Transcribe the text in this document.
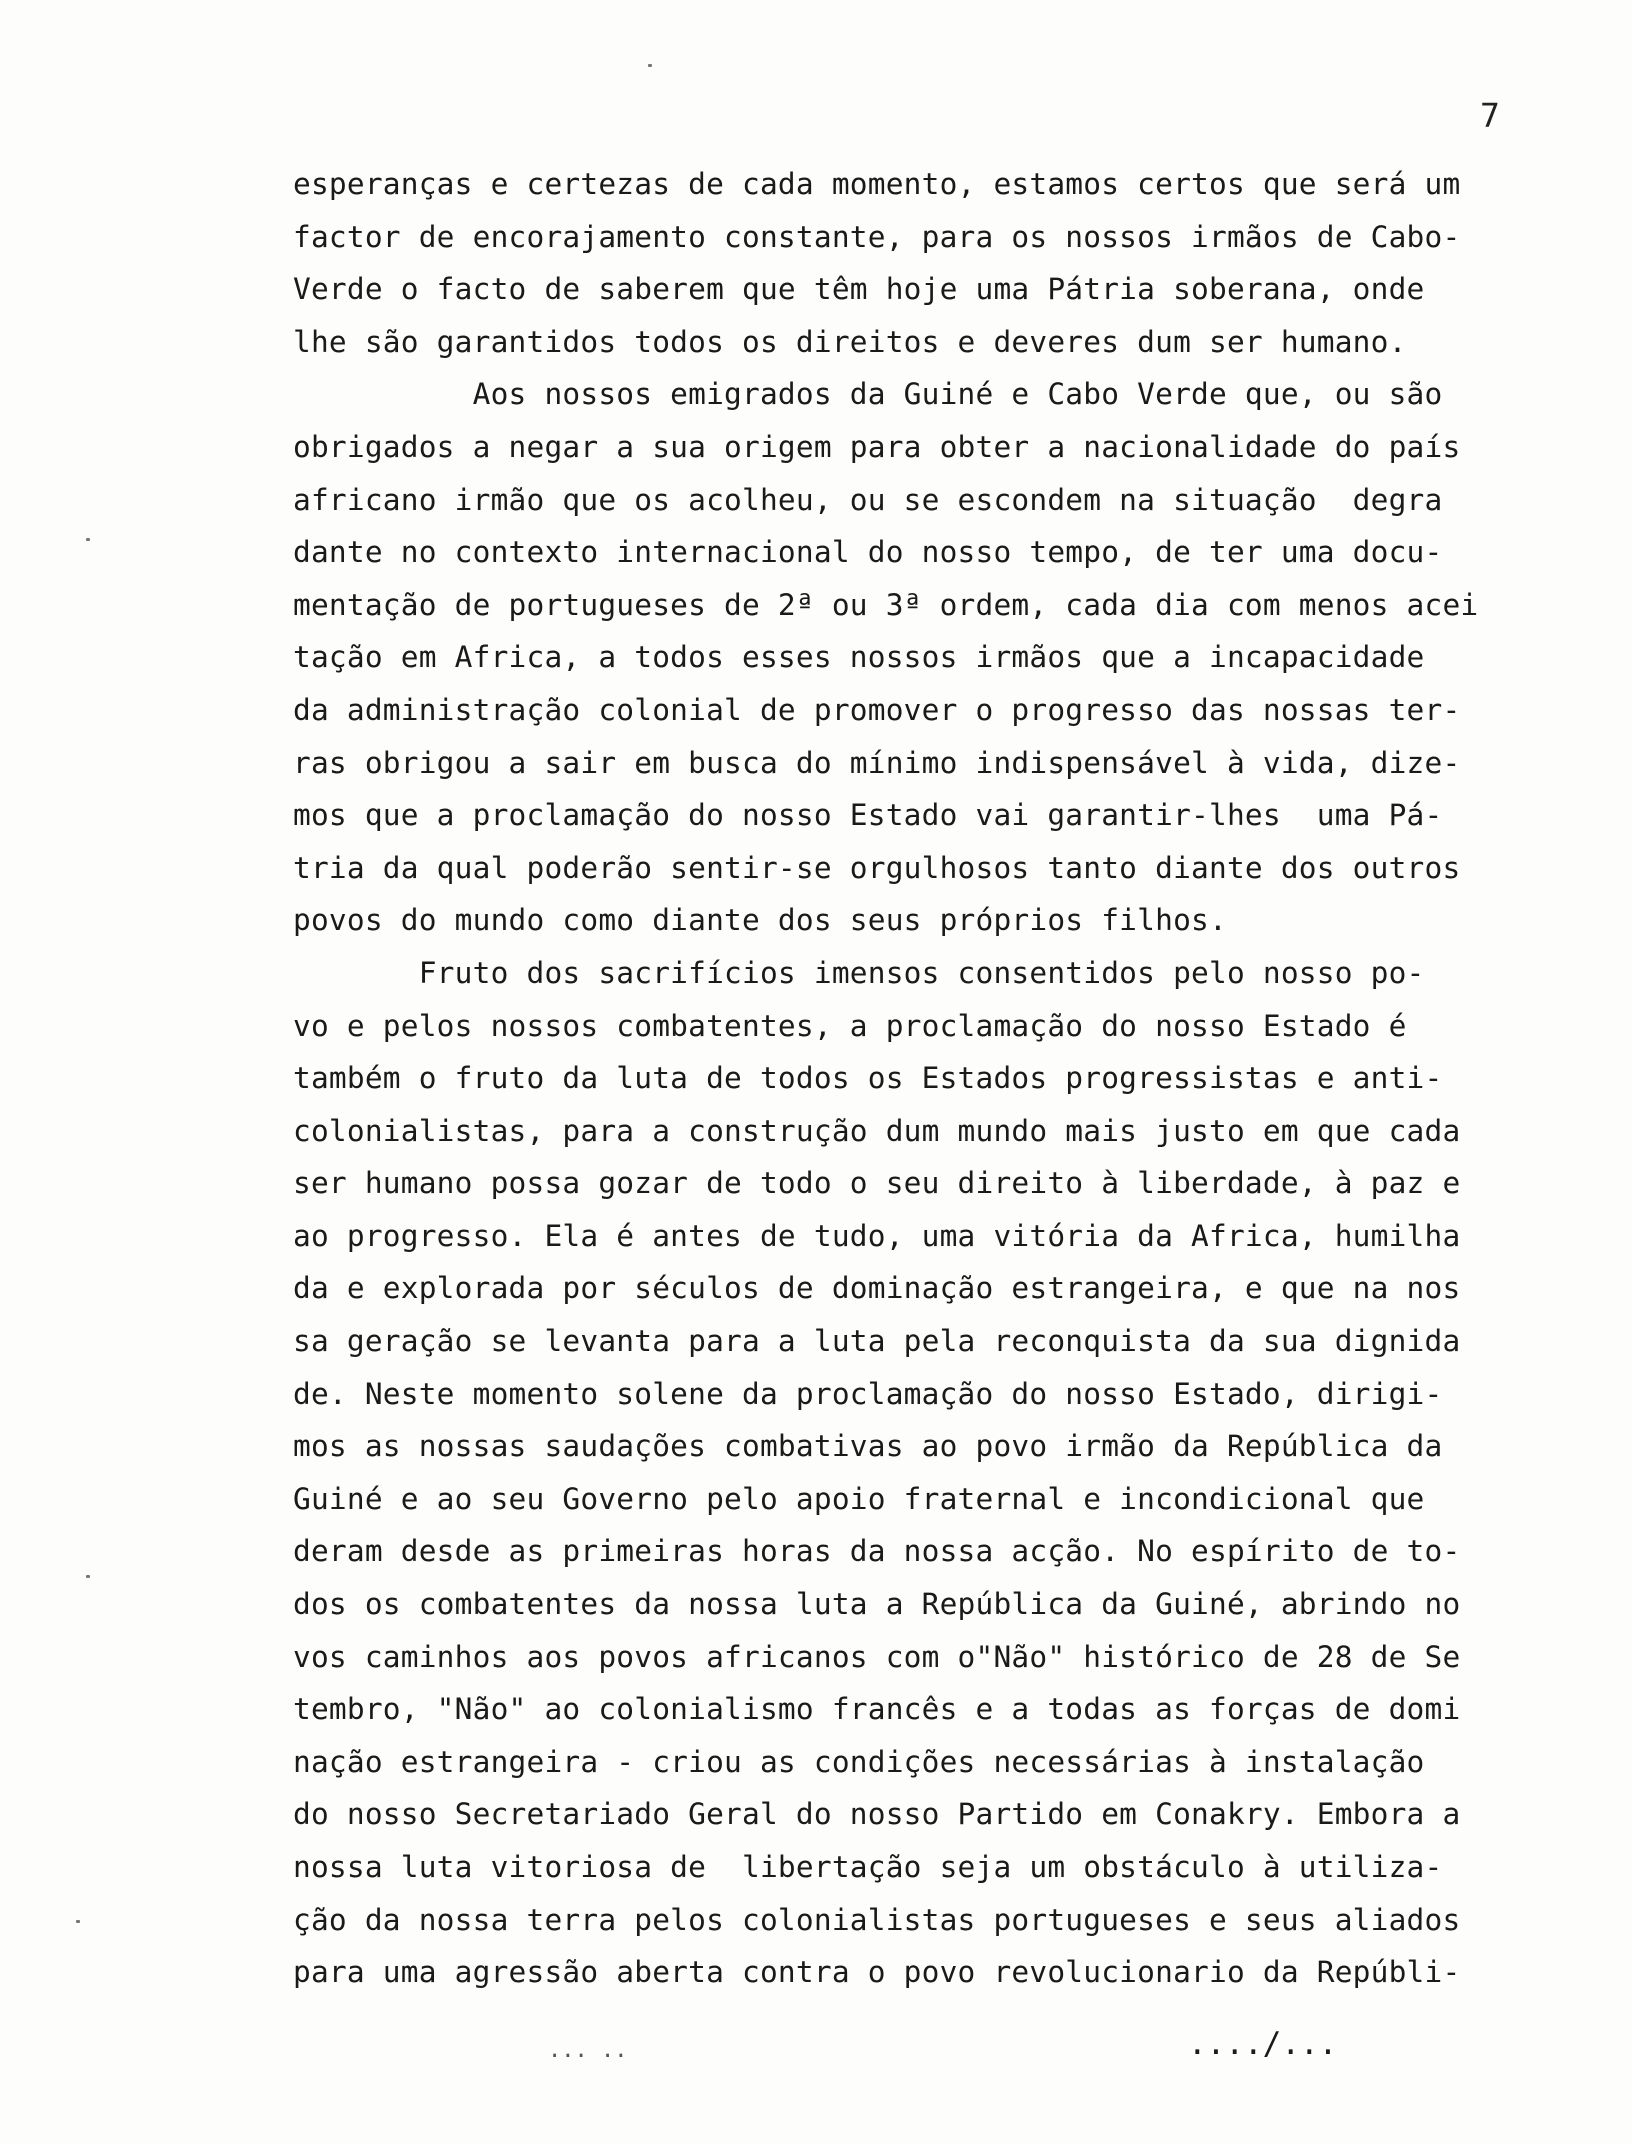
7
esperanças e certezas de cada momento, estamos certos que será um
factor de encorajamento constante, para os nossos irmãos de Cabo-
Verde o facto de saberem que têm hoje uma Pátria soberana, onde
lhe são garantidos todos os direitos e deveres dum ser humano.
Aos nossos emigrados da Guiné e Cabo Verde que, ou são
obrigados a negar a sua origem para obter a nacionalidade do país
africano irmão que os acolheu, ou se escondem na situação  degra
dante no contexto internacional do nosso tempo, de ter uma docu-
mentação de portugueses de 2ª ou 3ª ordem, cada dia com menos acei
tação em Africa, a todos esses nossos irmãos que a incapacidade
da administração colonial de promover o progresso das nossas ter-
ras obrigou a sair em busca do mínimo indispensável à vida, dize-
mos que a proclamação do nosso Estado vai garantir-lhes  uma Pá-
tria da qual poderão sentir-se orgulhosos tanto diante dos outros
povos do mundo como diante dos seus próprios filhos.
Fruto dos sacrifícios imensos consentidos pelo nosso po-
vo e pelos nossos combatentes, a proclamação do nosso Estado é
também o fruto da luta de todos os Estados progressistas e anti-
colonialistas, para a construção dum mundo mais justo em que cada
ser humano possa gozar de todo o seu direito à liberdade, à paz e
ao progresso. Ela é antes de tudo, uma vitória da Africa, humilha
da e explorada por séculos de dominação estrangeira, e que na nos
sa geração se levanta para a luta pela reconquista da sua dignida
de. Neste momento solene da proclamação do nosso Estado, dirigi-
mos as nossas saudações combativas ao povo irmão da República da
Guiné e ao seu Governo pelo apoio fraternal e incondicional que
deram desde as primeiras horas da nossa acção. No espírito de to-
dos os combatentes da nossa luta a República da Guiné, abrindo no
vos caminhos aos povos africanos com o"Não" histórico de 28 de Se
tembro, "Não" ao colonialismo francês e a todas as forças de domi
nação estrangeira - criou as condições necessárias à instalação
do nosso Secretariado Geral do nosso Partido em Conakry. Embora a
nossa luta vitoriosa de  libertação seja um obstáculo à utiliza-
ção da nossa terra pelos colonialistas portugueses e seus aliados
para uma agressão aberta contra o povo revolucionario da Repúbli-
... ..	..../...
